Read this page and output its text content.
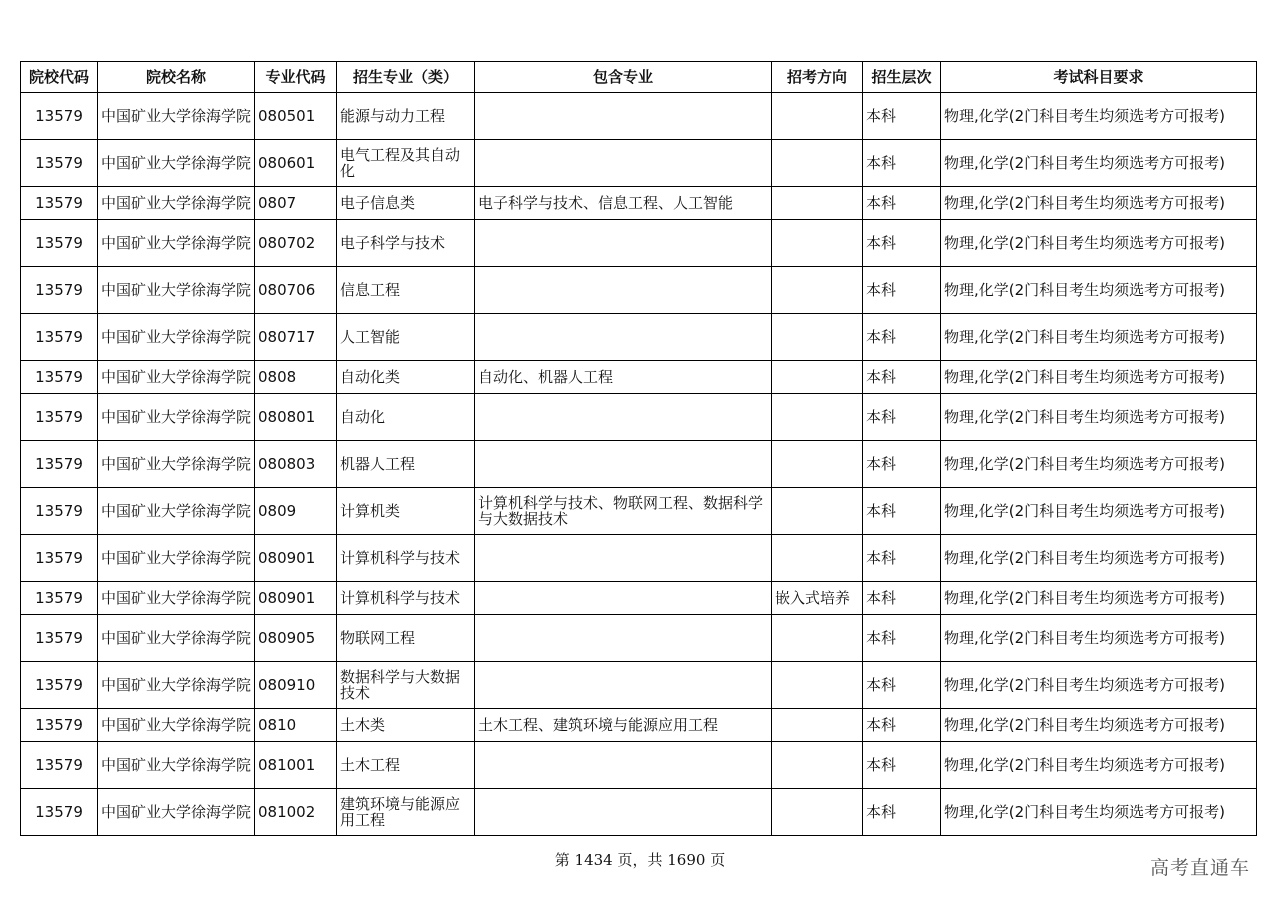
院校代码	院校名称	专业代码	招生专业（类）	包含专业	招考方向	招生层次	考试科目要求
13579	中国矿业大学徐海学院	080501	能源与动力工程			本科	物理,化学(2门科目考生均须选考方可报考)
13579	中国矿业大学徐海学院	080601	电气工程及其自动化			本科	物理,化学(2门科目考生均须选考方可报考)
13579	中国矿业大学徐海学院	0807	电子信息类	电子科学与技术、信息工程、人工智能		本科	物理,化学(2门科目考生均须选考方可报考)
13579	中国矿业大学徐海学院	080702	电子科学与技术			本科	物理,化学(2门科目考生均须选考方可报考)
13579	中国矿业大学徐海学院	080706	信息工程			本科	物理,化学(2门科目考生均须选考方可报考)
13579	中国矿业大学徐海学院	080717	人工智能			本科	物理,化学(2门科目考生均须选考方可报考)
13579	中国矿业大学徐海学院	0808	自动化类	自动化、机器人工程		本科	物理,化学(2门科目考生均须选考方可报考)
13579	中国矿业大学徐海学院	080801	自动化			本科	物理,化学(2门科目考生均须选考方可报考)
13579	中国矿业大学徐海学院	080803	机器人工程			本科	物理,化学(2门科目考生均须选考方可报考)
13579	中国矿业大学徐海学院	0809	计算机类	计算机科学与技术、物联网工程、数据科学与大数据技术		本科	物理,化学(2门科目考生均须选考方可报考)
13579	中国矿业大学徐海学院	080901	计算机科学与技术			本科	物理,化学(2门科目考生均须选考方可报考)
13579	中国矿业大学徐海学院	080901	计算机科学与技术		嵌入式培养	本科	物理,化学(2门科目考生均须选考方可报考)
13579	中国矿业大学徐海学院	080905	物联网工程			本科	物理,化学(2门科目考生均须选考方可报考)
13579	中国矿业大学徐海学院	080910	数据科学与大数据技术			本科	物理,化学(2门科目考生均须选考方可报考)
13579	中国矿业大学徐海学院	0810	土木类	土木工程、建筑环境与能源应用工程		本科	物理,化学(2门科目考生均须选考方可报考)
13579	中国矿业大学徐海学院	081001	土木工程			本科	物理,化学(2门科目考生均须选考方可报考)
13579	中国矿业大学徐海学院	081002	建筑环境与能源应用工程			本科	物理,化学(2门科目考生均须选考方可报考)
第 1434 页，共 1690 页	高考直通车
